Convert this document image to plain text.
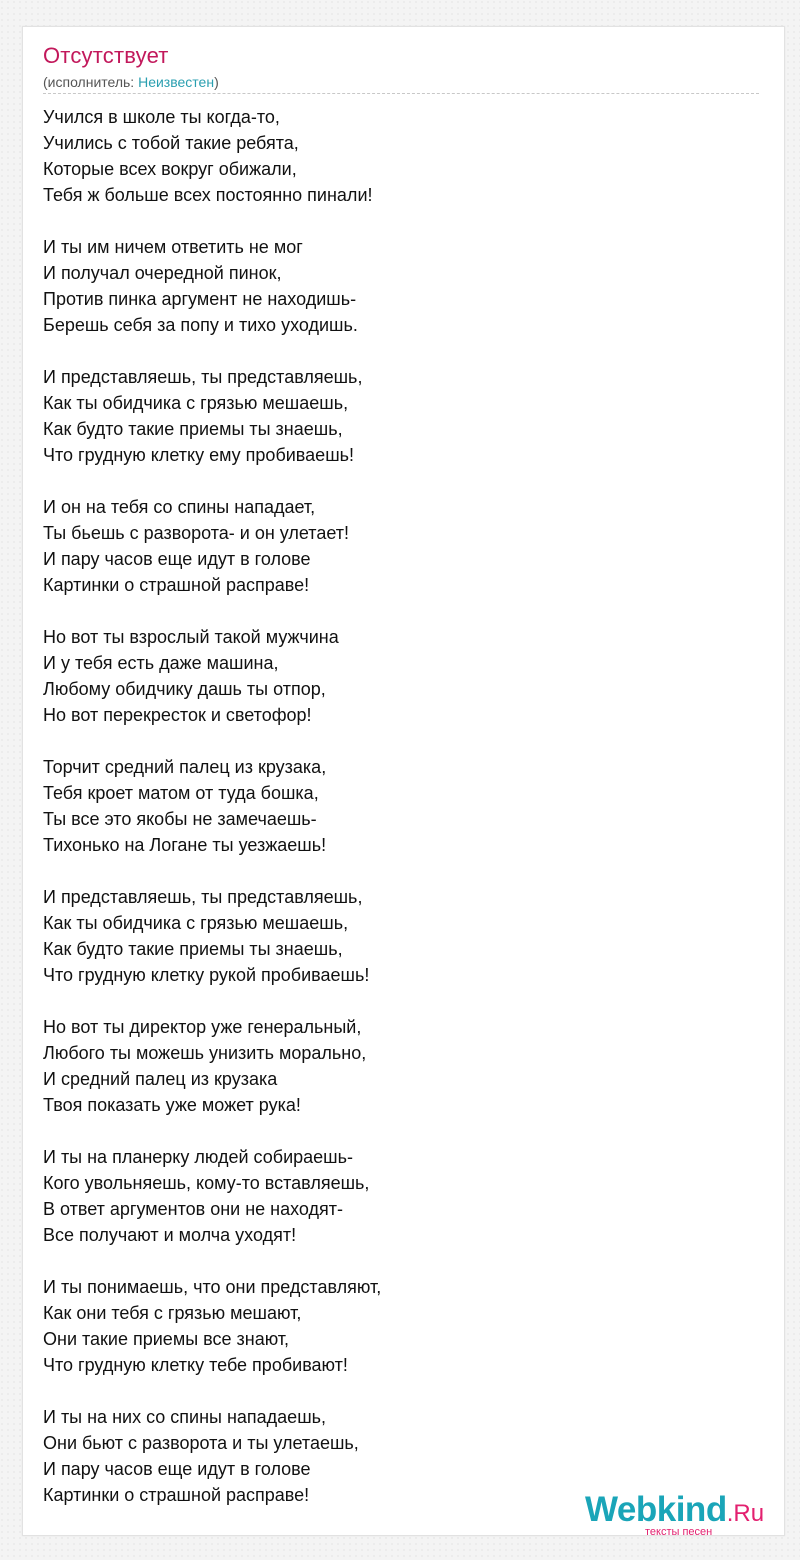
Отсутствует
(исполнитель: Неизвестен)
Учился в школе ты когда-то,
Учились с тобой такие ребята,
Которые всех вокруг обижали,
Тебя ж больше всех постоянно пинали!
И ты им ничем ответить не мог
И получал очередной пинок,
Против пинка аргумент не находишь-
Берешь себя за попу и тихо уходишь.
И представляешь, ты представляешь,
Как ты обидчика с грязью мешаешь,
Как будто такие приемы ты знаешь,
Что грудную клетку ему пробиваешь!
И он на тебя со спины нападает,
Ты бьешь с разворота- и он улетает!
И пару часов еще идут в голове
Картинки о страшной расправе!
Но вот ты взрослый такой мужчина
И у тебя есть даже машина,
Любому обидчику дашь ты отпор,
Но вот перекресток и светофор!
Торчит средний палец из крузака,
Тебя кроет матом от туда бошка,
Ты все это якобы не замечаешь-
Тихонько на Логане ты уезжаешь!
И представляешь, ты представляешь,
Как ты обидчика с грязью мешаешь,
Как будто такие приемы ты знаешь,
Что грудную клетку рукой пробиваешь!
Но вот ты директор уже генеральный,
Любого ты можешь унизить морально,
И средний палец из крузака
Твоя показать уже может рука!
И ты на планерку людей собираешь-
Кого увольняешь, кому-то вставляешь,
В ответ аргументов они не находят-
Все получают и молча уходят!
И ты понимаешь, что они представляют,
Как они тебя с грязью мешают,
Они такие приемы все знают,
Что грудную клетку тебе пробивают!
И ты на них со спины нападаешь,
Они бьют с разворота и ты улетаешь,
И пару часов еще идут в голове
Картинки о страшной расправе!	Webkind.Ru
тексты песен
